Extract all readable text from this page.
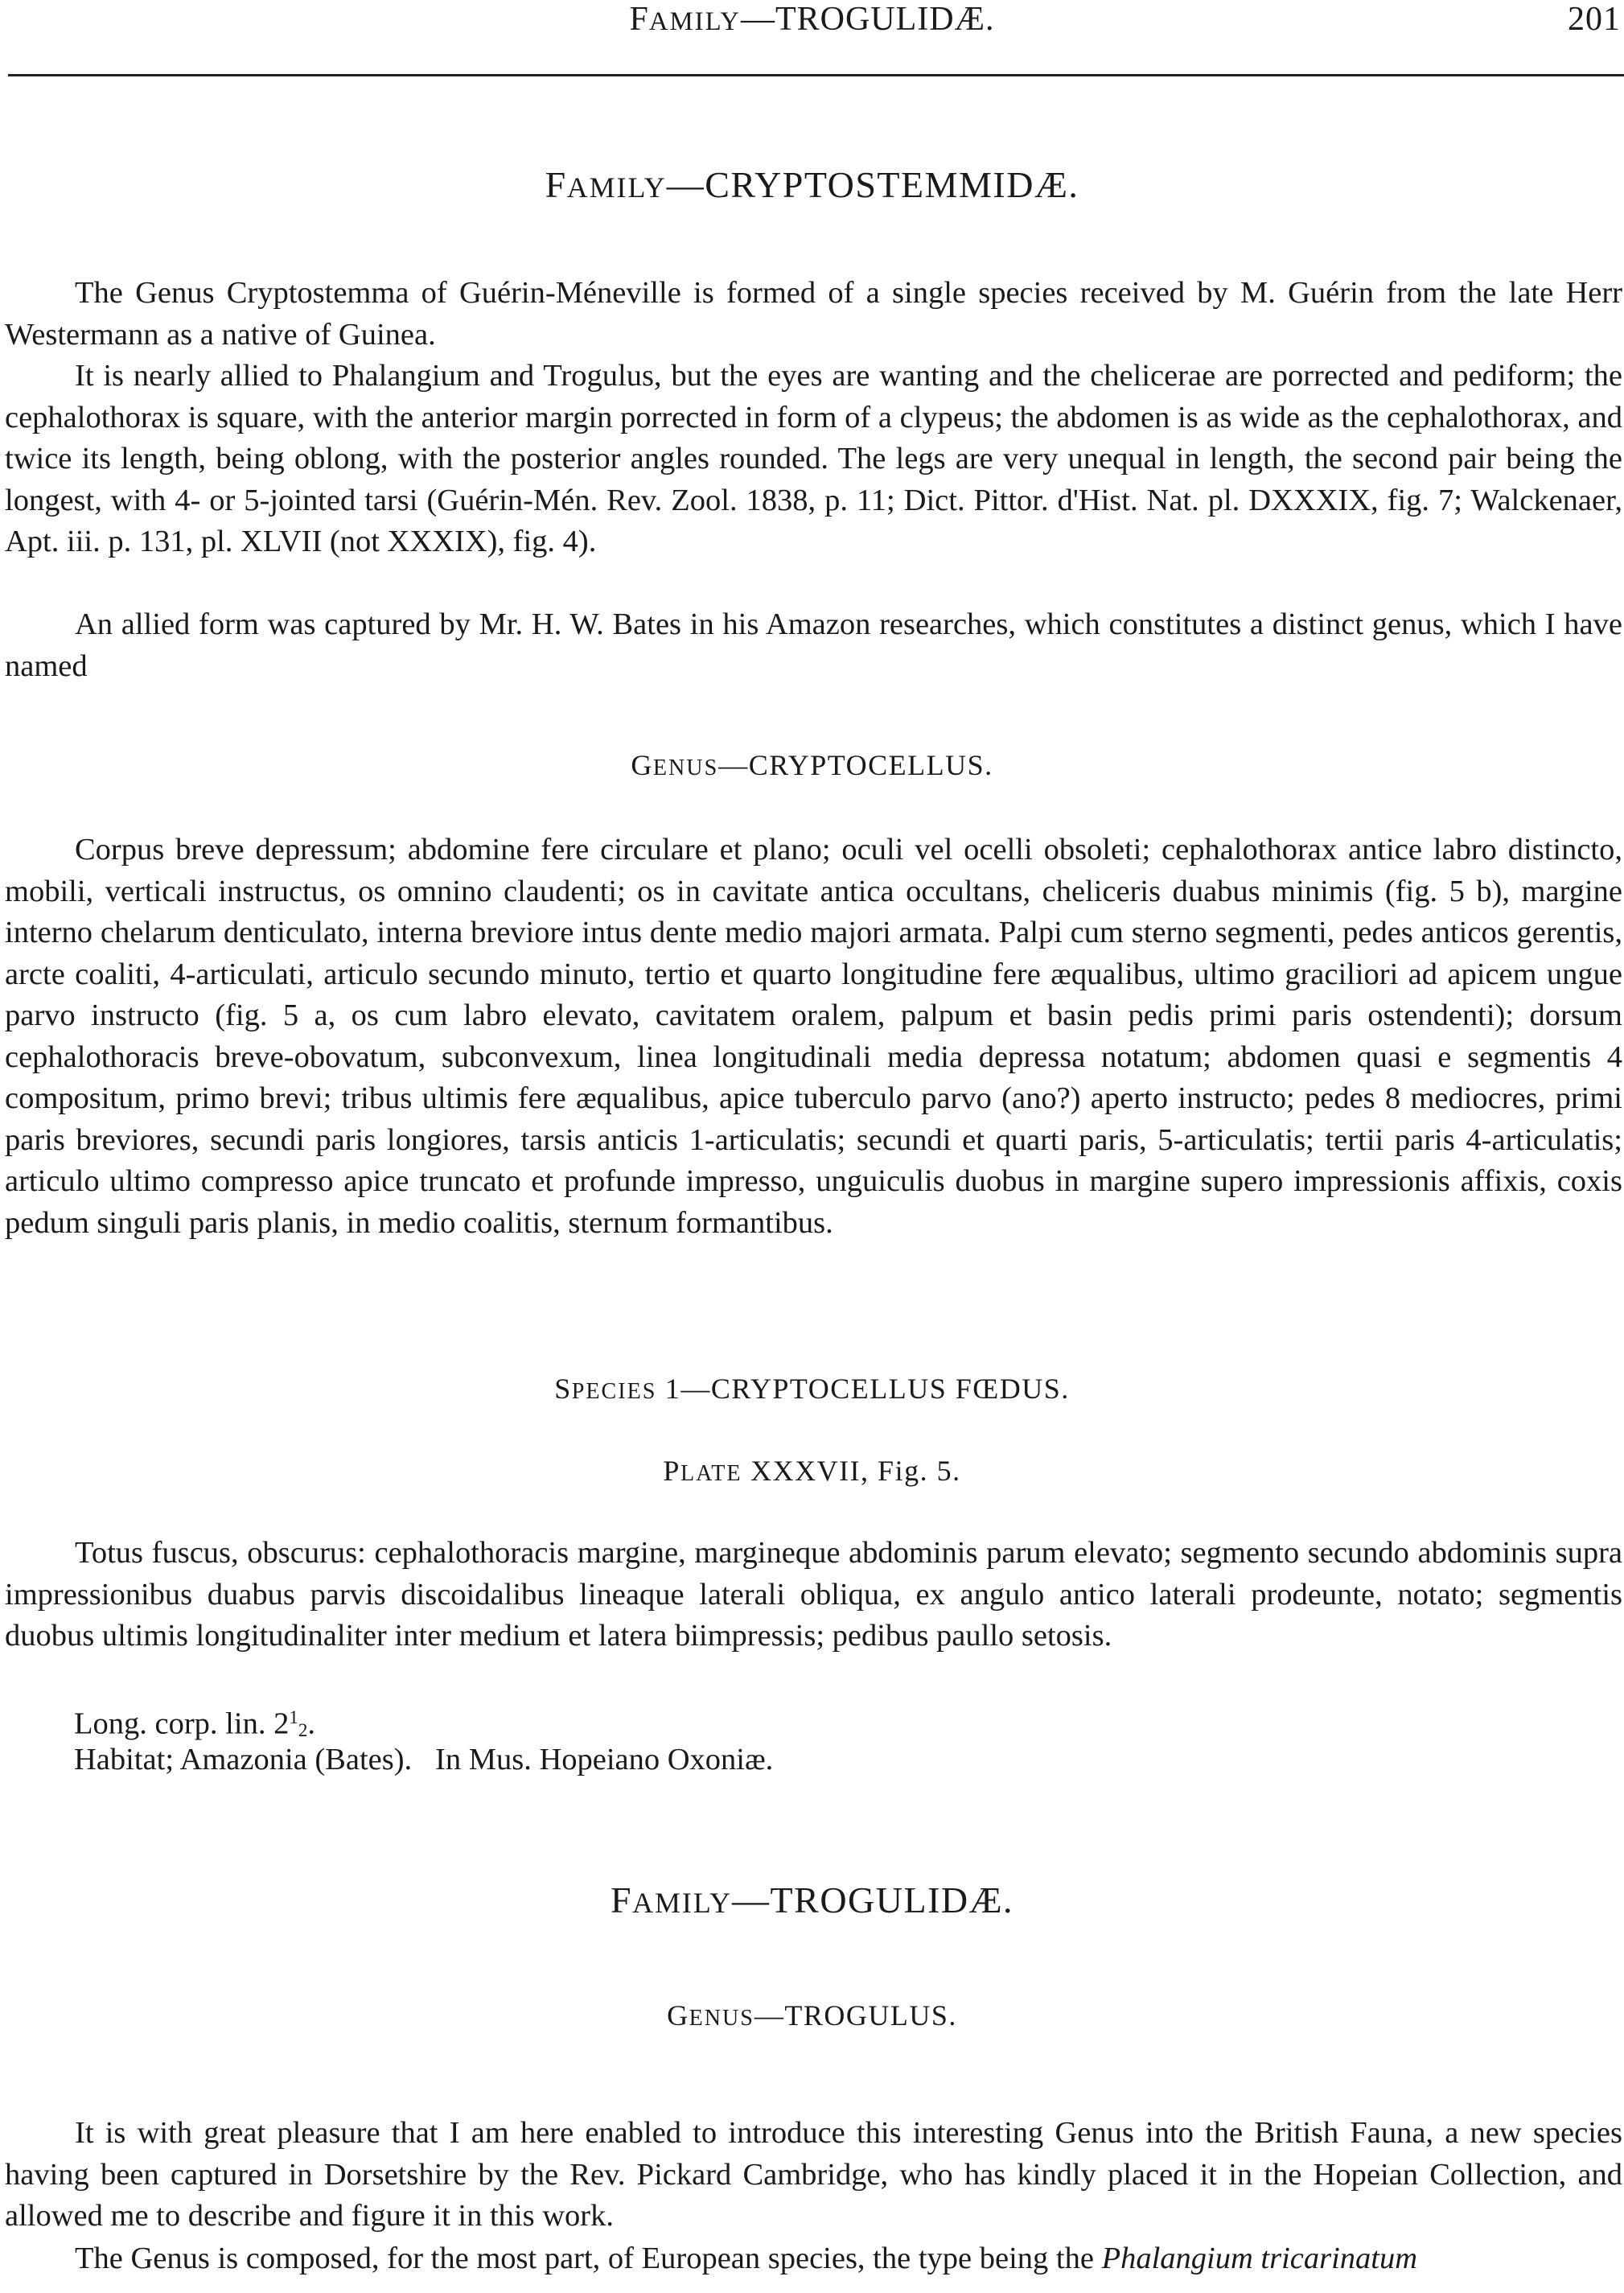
FAMILY—TROGULIDÆ.	201
FAMILY—CRYPTOSTEMMIDÆ.

The Genus Cryptostemma of Guérin-Méneville is formed of a single species received by M. Guérin from the late Herr Westermann as a native of Guinea.

It is nearly allied to Phalangium and Trogulus, but the eyes are wanting and the chelicerae are porrected and pediform; the cephalothorax is square, with the anterior margin porrected in form of a clypeus; the abdomen is as wide as the cephalothorax, and twice its length, being oblong, with the posterior angles rounded. The legs are very unequal in length, the second pair being the longest, with 4- or 5-jointed tarsi (Guérin-Mén. Rev. Zool. 1838, p. 11; Dict. Pittor. d'Hist. Nat. pl. DXXXIX, fig. 7; Walckenaer, Apt. iii. p. 131, pl. XLVII (not XXXIX), fig. 4).

An allied form was captured by Mr. H. W. Bates in his Amazon researches, which constitutes a distinct genus, which I have named

GENUS—CRYPTOCELLUS.

Corpus breve depressum; abdomine fere circulare et plano; oculi vel ocelli obsoleti; cephalothorax antice labro distincto, mobili, verticali instructus, os omnino claudenti; os in cavitate antica occultans, cheliceris duabus minimis (fig. 5 b), margine interno chelarum denticulato, interna breviore intus dente medio majori armata. Palpi cum sterno segmenti, pedes anticos gerentis, arcte coaliti, 4-articulati, articulo secundo minuto, tertio et quarto longitudine fere æqualibus, ultimo graciliori ad apicem ungue parvo instructo (fig. 5 a, os cum labro elevato, cavitatem oralem, palpum et basin pedis primi paris ostendenti); dorsum cephalothoracis breve-obovatum, subconvexum, linea longitudinali media depressa notatum; abdomen quasi e segmentis 4 compositum, primo brevi; tribus ultimis fere æqualibus, apice tuberculo parvo (ano?) aperto instructo; pedes 8 mediocres, primi paris breviores, secundi paris longiores, tarsis anticis 1-articulatis; secundi et quarti paris, 5-articulatis; tertii paris 4-articulatis; articulo ultimo compresso apice truncato et profunde impresso, unguiculis duobus in margine supero impressionis affixis, coxis pedum singuli paris planis, in medio coalitis, sternum formantibus.

SPECIES 1—CRYPTOCELLUS FŒDUS.
PLATE XXXVII, Fig. 5.

Totus fuscus, obscurus: cephalothoracis margine, margineque abdominis parum elevato; segmento secundo abdominis supra impressionibus duabus parvis discoidalibus lineaque laterali obliqua, ex angulo antico laterali prodeunte, notato; segmentis duobus ultimis longitudinaliter inter medium et latera biimpressis; pedibus paullo setosis.

Long. corp. lin. $2^12$.
Habitat; Amazonia (Bates).   In Mus. Hopeiano Oxoniæ.
FAMILY—TROGULIDÆ.
GENUS—TROGULUS.

It is with great pleasure that I am here enabled to introduce this interesting Genus into the British Fauna, a new species having been captured in Dorsetshire by the Rev. Pickard Cambridge, who has kindly placed it in the Hopeian Collection, and allowed me to describe and figure it in this work.

The Genus is composed, for the most part, of European species, the type being the Phalangium tricarinatum
